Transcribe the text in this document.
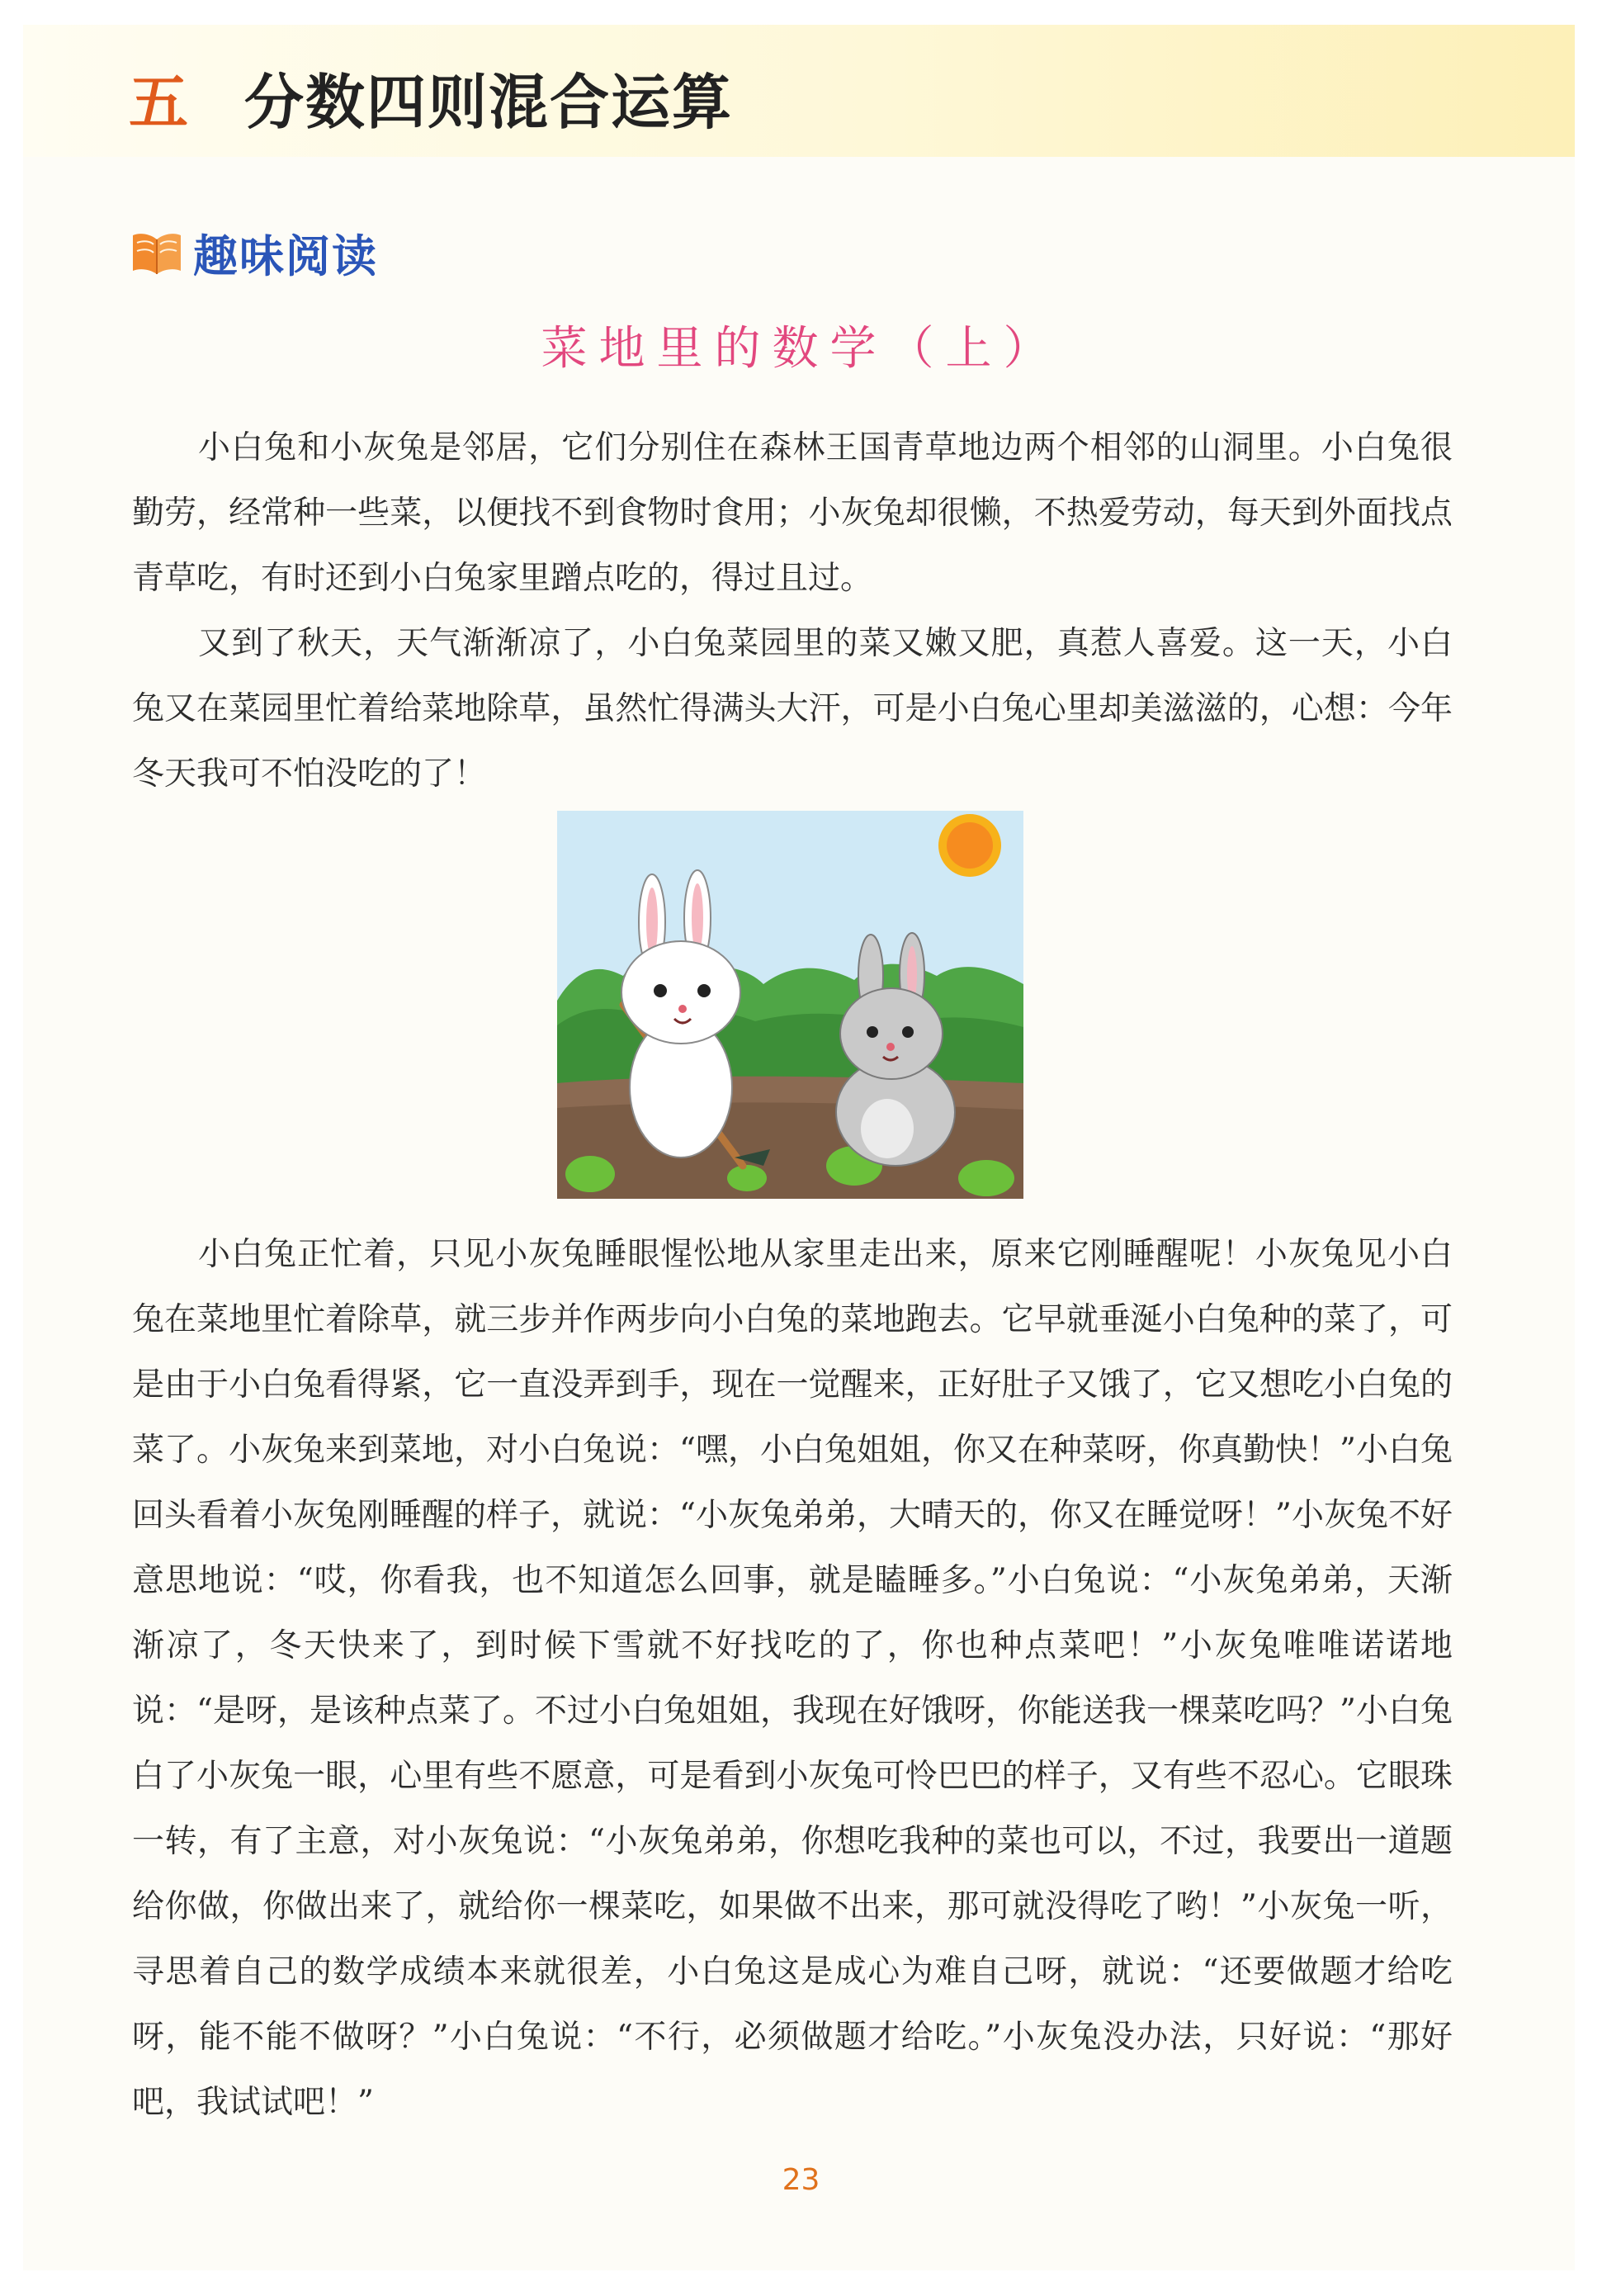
五 分数四则混合运算
趣味阅读
菜地里的数学（上）

小白兔和小灰兔是邻居，它们分别住在森林王国青草地边两个相邻的山洞里。小白兔很勤劳，经常种一些菜，以便找不到食物时食用；小灰兔却很懒，不热爱劳动，每天到外面找点青草吃，有时还到小白兔家里蹭点吃的，得过且过。

又到了秋天，天气渐渐凉了，小白兔菜园里的菜又嫩又肥，真惹人喜爱。这一天，小白兔又在菜园里忙着给菜地除草，虽然忙得满头大汗，可是小白兔心里却美滋滋的，心想：今年冬天我可不怕没吃的了！

小白兔正忙着，只见小灰兔睡眼惺忪地从家里走出来，原来它刚睡醒呢！小灰兔见小白兔在菜地里忙着除草，就三步并作两步向小白兔的菜地跑去。它早就垂涎小白兔种的菜了，可是由于小白兔看得紧，它一直没弄到手，现在一觉醒来，正好肚子又饿了，它又想吃小白兔的菜了。小灰兔来到菜地，对小白兔说：“嘿，小白兔姐姐，你又在种菜呀，你真勤快！”小白兔回头看着小灰兔刚睡醒的样子，就说：“小灰兔弟弟，大晴天的，你又在睡觉呀！”小灰兔不好意思地说：“哎，你看我，也不知道怎么回事，就是瞌睡多。”小白兔说：“小灰兔弟弟，天渐渐凉了，冬天快来了，到时候下雪就不好找吃的了，你也种点菜吧！”小灰兔唯唯诺诺地说：“是呀，是该种点菜了。不过小白兔姐姐，我现在好饿呀，你能送我一棵菜吃吗？”小白兔白了小灰兔一眼，心里有些不愿意，可是看到小灰兔可怜巴巴的样子，又有些不忍心。它眼珠一转，有了主意，对小灰兔说：“小灰兔弟弟，你想吃我种的菜也可以，不过，我要出一道题给你做，你做出来了，就给你一棵菜吃，如果做不出来，那可就没得吃了哟！”小灰兔一听，寻思着自己的数学成绩本来就很差，小白兔这是成心为难自己呀，就说：“还要做题才给吃呀，能不能不做呀？”小白兔说：“不行，必须做题才给吃。”小灰兔没办法，只好说：“那好吧，我试试吧！”

23
